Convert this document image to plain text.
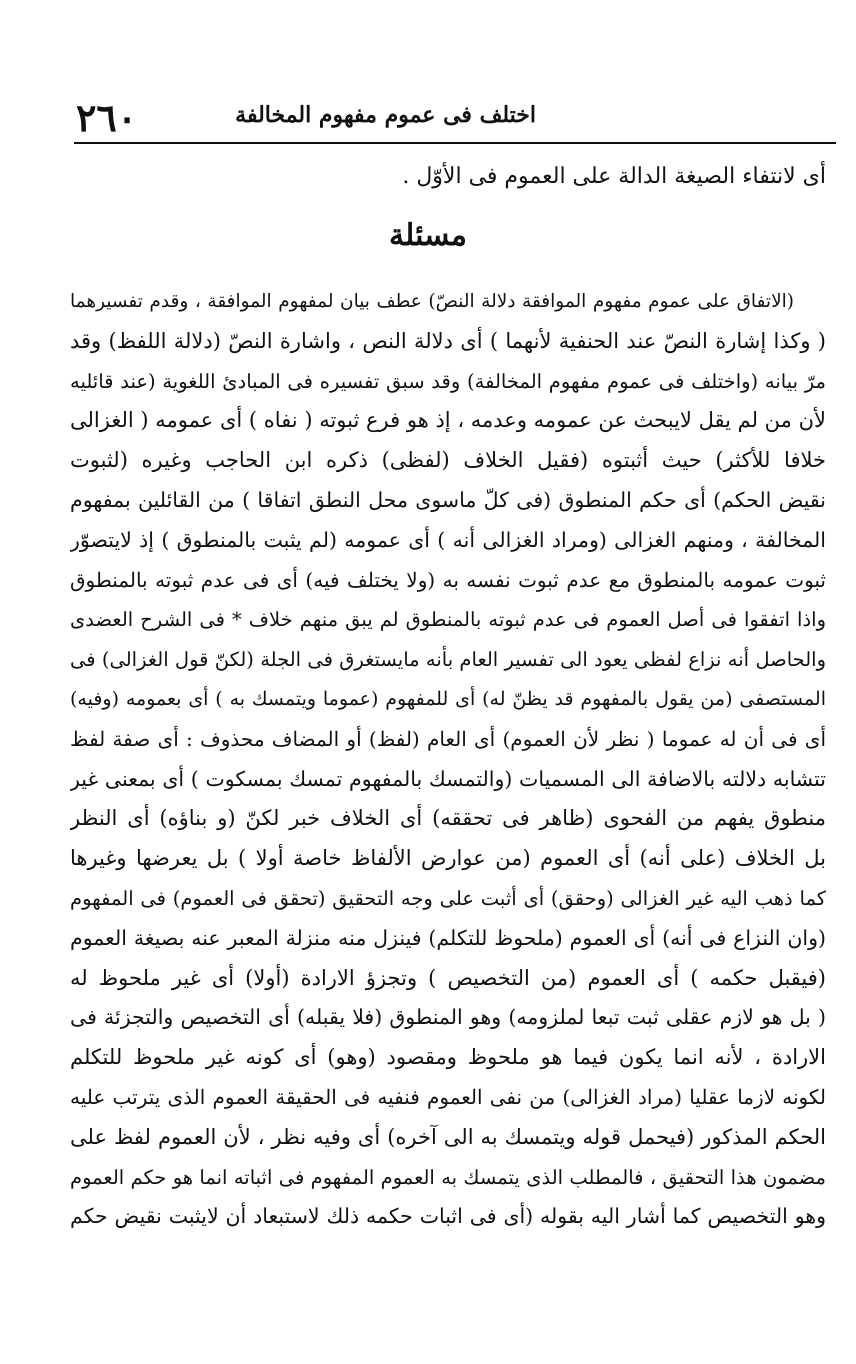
٢٦٠	اختلف فى عموم مفهوم المخالفة
أى لانتفاء الصيغة الدالة على العموم فى الأوّل .
مسئلة
(الاتفاق على عموم مفهوم الموافقة دلالة النصّ) عطف بيان لمفهوم الموافقة ، وقدم تفسيرهما
( وكذا إشارة النصّ عند الحنفية لأنهما ) أى دلالة النص ، واشارة النصّ (دلالة اللفظ) وقد
مرّ بيانه (واختلف فى عموم مفهوم المخالفة) وقد سبق تفسيره فى المبادئ اللغوية (عند قائليه
لأن من لم يقل لايبحث عن عمومه وعدمه ، إذ هو فرع ثبوته ( نفاه ) أى عمومه ( الغزالى
خلافا للأكثر) حيث أثبتوه (فقيل الخلاف (لفظى) ذكره ابن الحاجب وغيره (لثبوت
نقيض الحكم) أى حكم المنطوق (فى كلّ ماسوى محل النطق اتفاقا ) من القائلين بمفهوم
المخالفة ، ومنهم الغزالى (ومراد الغزالى أنه ) أى عمومه (لم يثبت بالمنطوق ) إذ لايتصوّر
ثبوت عمومه بالمنطوق مع عدم ثبوت نفسه به (ولا يختلف فيه) أى فى عدم ثبوته بالمنطوق
واذا اتفقوا فى أصل العموم فى عدم ثبوته بالمنطوق لم يبق منهم خلاف * فى الشرح العضدى
والحاصل أنه نزاع لفظى يعود الى تفسير العام بأنه مايستغرق فى الجلة (لكنّ قول الغزالى) فى
المستصفى (من يقول بالمفهوم قد يظنّ له) أى للمفهوم (عموما ويتمسك به ) أى بعمومه (وفيه)
أى فى أن له عموما ( نظر لأن العموم) أى العام (لفظ) أو المضاف محذوف : أى صفة لفظ
تتشابه دلالته بالاضافة الى المسميات (والتمسك بالمفهوم تمسك بمسكوت ) أى بمعنى غير
منطوق يفهم من الفحوى (ظاهر فى تحققه) أى الخلاف خبر لكنّ (و بناؤه) أى النظر
بل الخلاف (على أنه) أى العموم (من عوارض الألفاظ خاصة أولا ) بل يعرضها وغيرها
كما ذهب اليه غير الغزالى (وحقق) أى أثبت على وجه التحقيق (تحقق فى العموم) فى المفهوم
(وان النزاع فى أنه) أى العموم (ملحوظ للتكلم) فينزل منه منزلة المعبر عنه بصيغة العموم
(فيقبل حكمه ) أى العموم (من التخصيص ) وتجزؤ الارادة (أولا) أى غير ملحوظ له
( بل هو لازم عقلى ثبت تبعا لملزومه) وهو المنطوق (فلا يقبله) أى التخصيص والتجزئة فى
الارادة ، لأنه انما يكون فيما هو ملحوظ ومقصود (وهو) أى كونه غير ملحوظ للتكلم
لكونه لازما عقليا (مراد الغزالى) من نفى العموم فنفيه فى الحقيقة العموم الذى يترتب عليه
الحكم المذكور (فيحمل قوله ويتمسك به الى آخره) أى وفيه نظر ، لأن العموم لفظ على
مضمون هذا التحقيق ، فالمطلب الذى يتمسك به العموم المفهوم فى اثباته انما هو حكم العموم
وهو التخصيص كما أشار اليه بقوله (أى فى اثبات حكمه ذلك لاستبعاد أن لايثبت نقيض حكم
